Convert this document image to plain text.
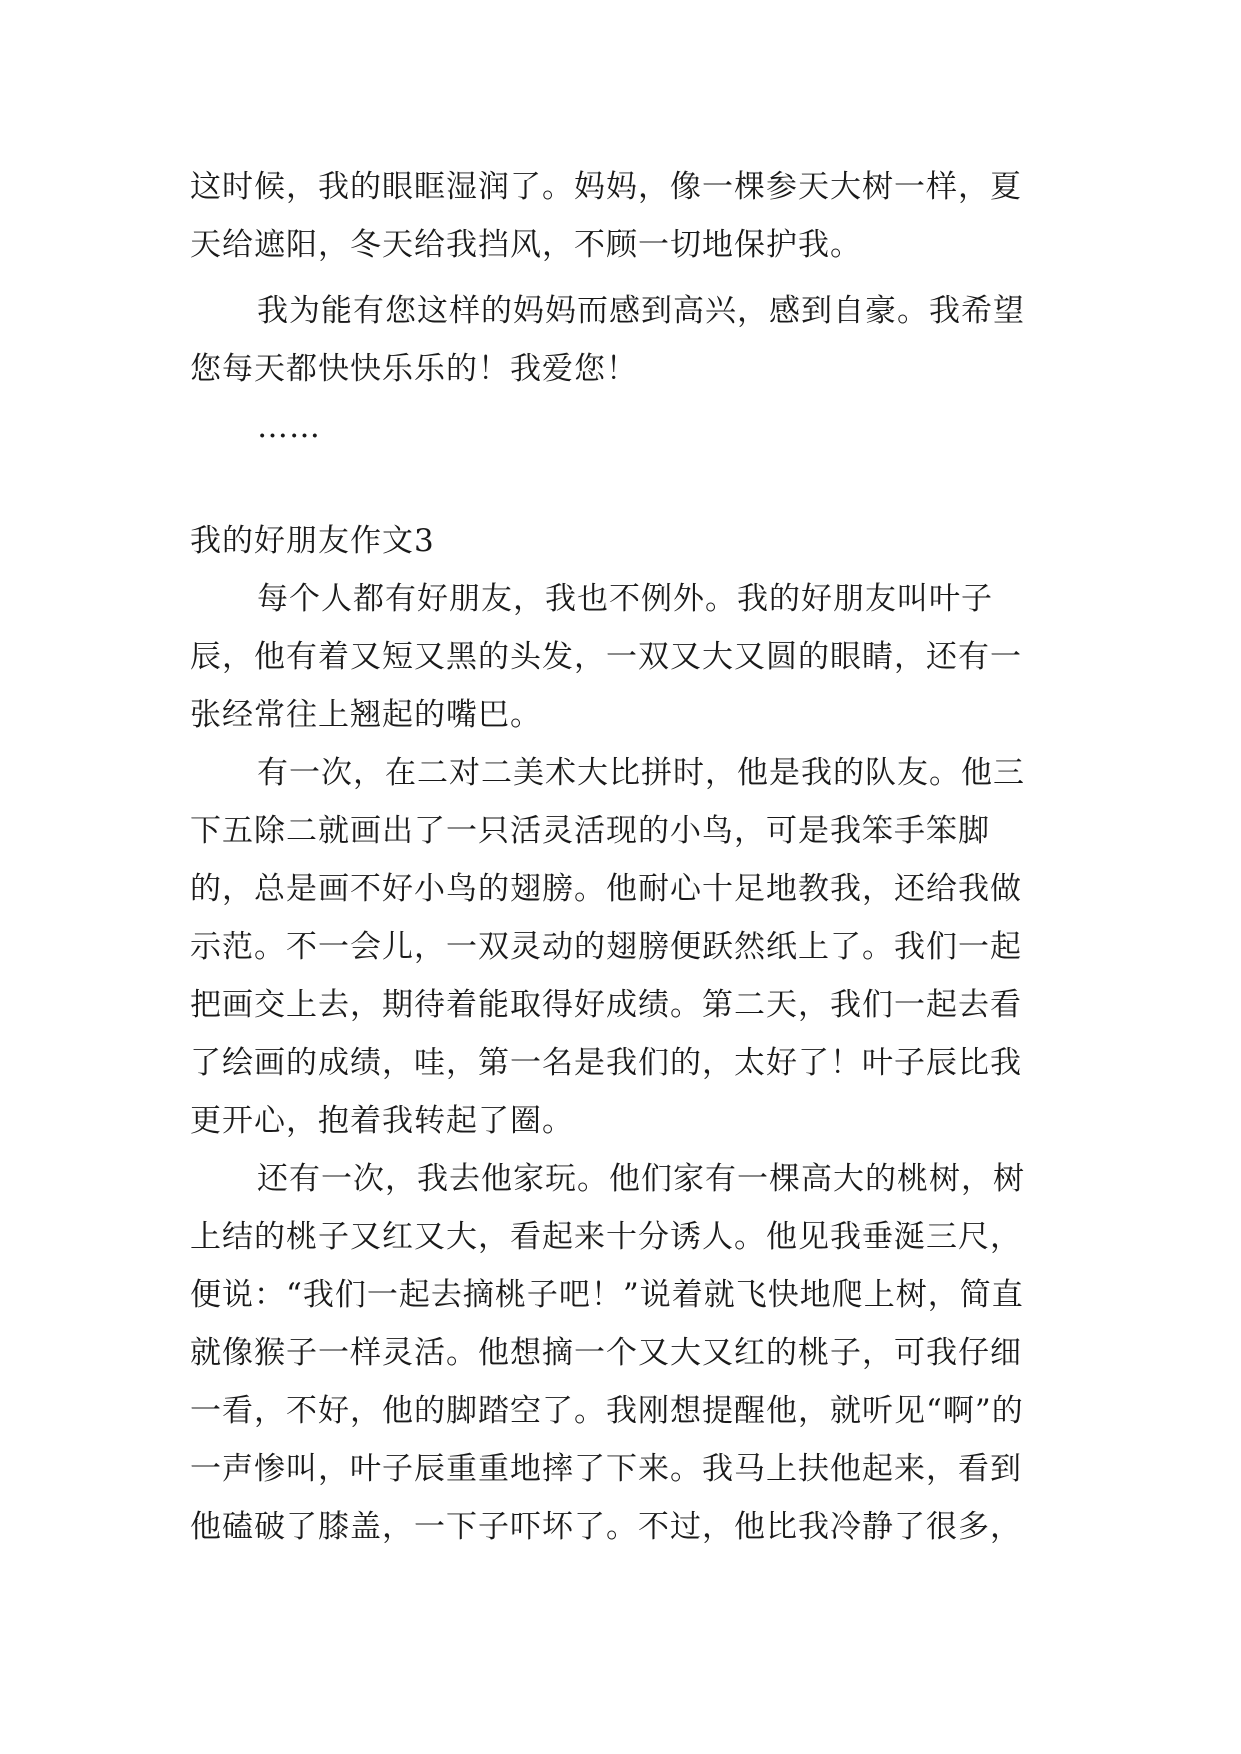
这时候，我的眼眶湿润了。妈妈，像一棵参天大树一样，夏天给遮阳，冬天给我挡风，不顾一切地保护我。

我为能有您这样的妈妈而感到高兴，感到自豪。我希望您每天都快快乐乐的！我爱您！

……

我的好朋友作文3

每个人都有好朋友，我也不例外。我的好朋友叫叶子辰，他有着又短又黑的头发，一双又大又圆的眼睛，还有一张经常往上翘起的嘴巴。

有一次，在二对二美术大比拼时，他是我的队友。他三下五除二就画出了一只活灵活现的小鸟，可是我笨手笨脚的，总是画不好小鸟的翅膀。他耐心十足地教我，还给我做示范。不一会儿，一双灵动的翅膀便跃然纸上了。我们一起把画交上去，期待着能取得好成绩。第二天，我们一起去看了绘画的成绩，哇，第一名是我们的，太好了！叶子辰比我更开心，抱着我转起了圈。

还有一次，我去他家玩。他们家有一棵高大的桃树，树上结的桃子又红又大，看起来十分诱人。他见我垂涎三尺，便说：“我们一起去摘桃子吧！”说着就飞快地爬上树，简直就像猴子一样灵活。他想摘一个又大又红的桃子，可我仔细一看，不好，他的脚踏空了。我刚想提醒他，就听见“啊”的一声惨叫，叶子辰重重地摔了下来。我马上扶他起来，看到他磕破了膝盖，一下子吓坏了。不过，他比我冷静了很多，
